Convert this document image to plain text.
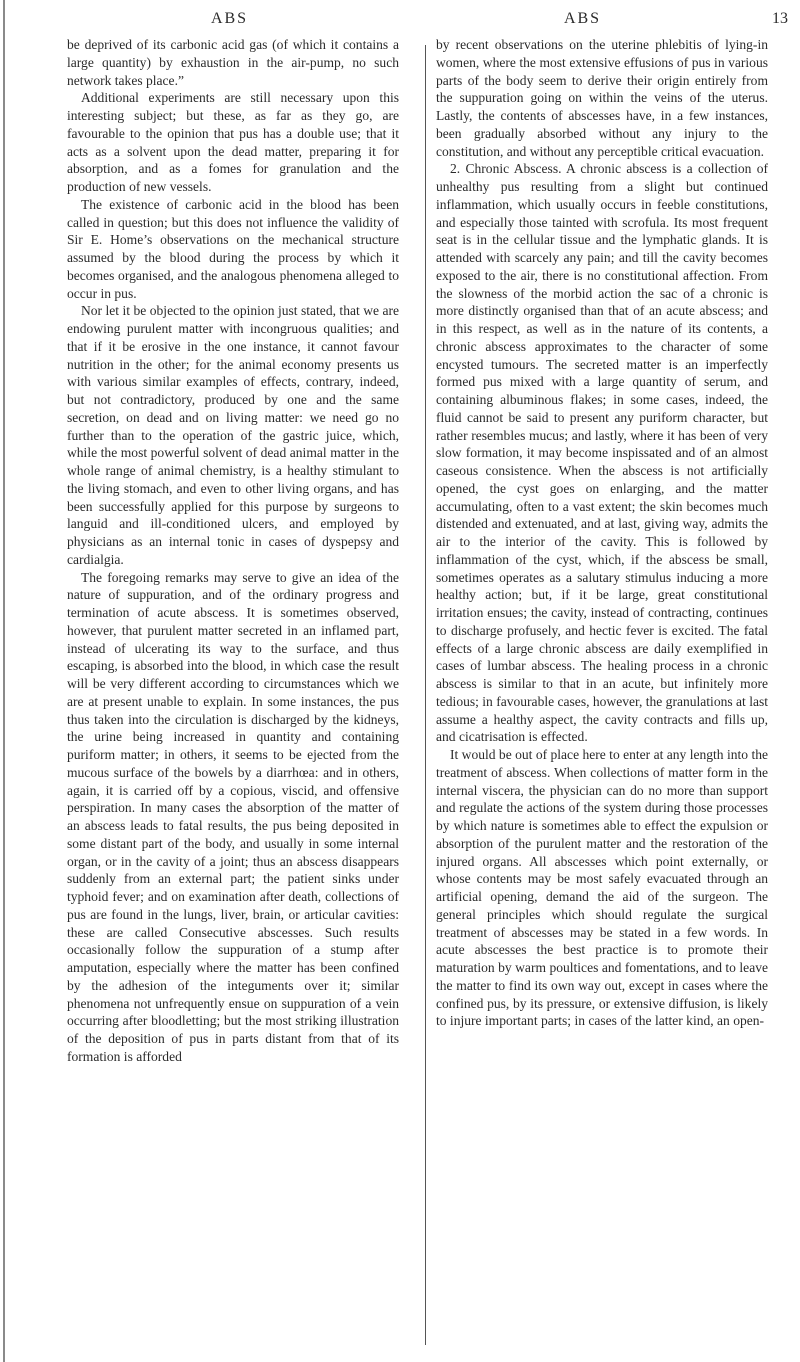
ABS	ABS	13

be deprived of its carbonic acid gas (of which it contains a large quantity) by exhaustion in the air-pump, no such network takes place.”

Additional experiments are still necessary upon this interesting subject; but these, as far as they go, are favourable to the opinion that pus has a double use; that it acts as a solvent upon the dead matter, preparing it for absorption, and as a fomes for granulation and the production of new vessels.

The existence of carbonic acid in the blood has been called in question; but this does not influence the validity of Sir E. Home’s observations on the mechanical structure assumed by the blood during the process by which it becomes organised, and the analogous phenomena alleged to occur in pus.

Nor let it be objected to the opinion just stated, that we are endowing purulent matter with incongruous qualities; and that if it be erosive in the one instance, it cannot favour nutrition in the other; for the animal economy presents us with various similar examples of effects, contrary, indeed, but not contradictory, produced by one and the same secretion, on dead and on living matter: we need go no further than to the operation of the gastric juice, which, while the most powerful solvent of dead animal matter in the whole range of animal chemistry, is a healthy stimulant to the living stomach, and even to other living organs, and has been successfully applied for this purpose by surgeons to languid and ill-conditioned ulcers, and employed by physicians as an internal tonic in cases of dyspepsy and cardialgia.

The foregoing remarks may serve to give an idea of the nature of suppuration, and of the ordinary progress and termination of acute abscess. It is sometimes observed, however, that purulent matter secreted in an inflamed part, instead of ulcerating its way to the surface, and thus escaping, is absorbed into the blood, in which case the result will be very different according to circumstances which we are at present unable to explain. In some instances, the pus thus taken into the circulation is discharged by the kidneys, the urine being increased in quantity and containing puriform matter; in others, it seems to be ejected from the mucous surface of the bowels by a diarrhœa: and in others, again, it is carried off by a copious, viscid, and offensive perspiration. In many cases the absorption of the matter of an abscess leads to fatal results, the pus being deposited in some distant part of the body, and usually in some internal organ, or in the cavity of a joint; thus an abscess disappears suddenly from an external part; the patient sinks under typhoid fever; and on examination after death, collections of pus are found in the lungs, liver, brain, or articular cavities: these are called Consecutive abscesses. Such results occasionally follow the suppuration of a stump after amputation, especially where the matter has been confined by the adhesion of the integuments over it; similar phenomena not unfrequently ensue on suppuration of a vein occurring after bloodletting; but the most striking illustration of the deposition of pus in parts distant from that of its formation is afforded

by recent observations on the uterine phlebitis of lying-in women, where the most extensive effusions of pus in various parts of the body seem to derive their origin entirely from the suppuration going on within the veins of the uterus. Lastly, the contents of abscesses have, in a few instances, been gradually absorbed without any injury to the constitution, and without any perceptible critical evacuation.

2. Chronic Abscess. A chronic abscess is a collection of unhealthy pus resulting from a slight but continued inflammation, which usually occurs in feeble constitutions, and especially those tainted with scrofula. Its most frequent seat is in the cellular tissue and the lymphatic glands. It is attended with scarcely any pain; and till the cavity becomes exposed to the air, there is no constitutional affection. From the slowness of the morbid action the sac of a chronic is more distinctly organised than that of an acute abscess; and in this respect, as well as in the nature of its contents, a chronic abscess approximates to the character of some encysted tumours. The secreted matter is an imperfectly formed pus mixed with a large quantity of serum, and containing albuminous flakes; in some cases, indeed, the fluid cannot be said to present any puriform character, but rather resembles mucus; and lastly, where it has been of very slow formation, it may become inspissated and of an almost caseous consistence. When the abscess is not artificially opened, the cyst goes on enlarging, and the matter accumulating, often to a vast extent; the skin becomes much distended and extenuated, and at last, giving way, admits the air to the interior of the cavity. This is followed by inflammation of the cyst, which, if the abscess be small, sometimes operates as a salutary stimulus inducing a more healthy action; but, if it be large, great constitutional irritation ensues; the cavity, instead of contracting, continues to discharge profusely, and hectic fever is excited. The fatal effects of a large chronic abscess are daily exemplified in cases of lumbar abscess. The healing process in a chronic abscess is similar to that in an acute, but infinitely more tedious; in favourable cases, however, the granulations at last assume a healthy aspect, the cavity contracts and fills up, and cicatrisation is effected.

It would be out of place here to enter at any length into the treatment of abscess. When collections of matter form in the internal viscera, the physician can do no more than support and regulate the actions of the system during those processes by which nature is sometimes able to effect the expulsion or absorption of the purulent matter and the restoration of the injured organs. All abscesses which point externally, or whose contents may be most safely evacuated through an artificial opening, demand the aid of the surgeon. The general principles which should regulate the surgical treatment of abscesses may be stated in a few words. In acute abscesses the best practice is to promote their maturation by warm poultices and fomentations, and to leave the matter to find its own way out, except in cases where the confined pus, by its pressure, or extensive diffusion, is likely to injure important parts; in cases of the latter kind, an open-
